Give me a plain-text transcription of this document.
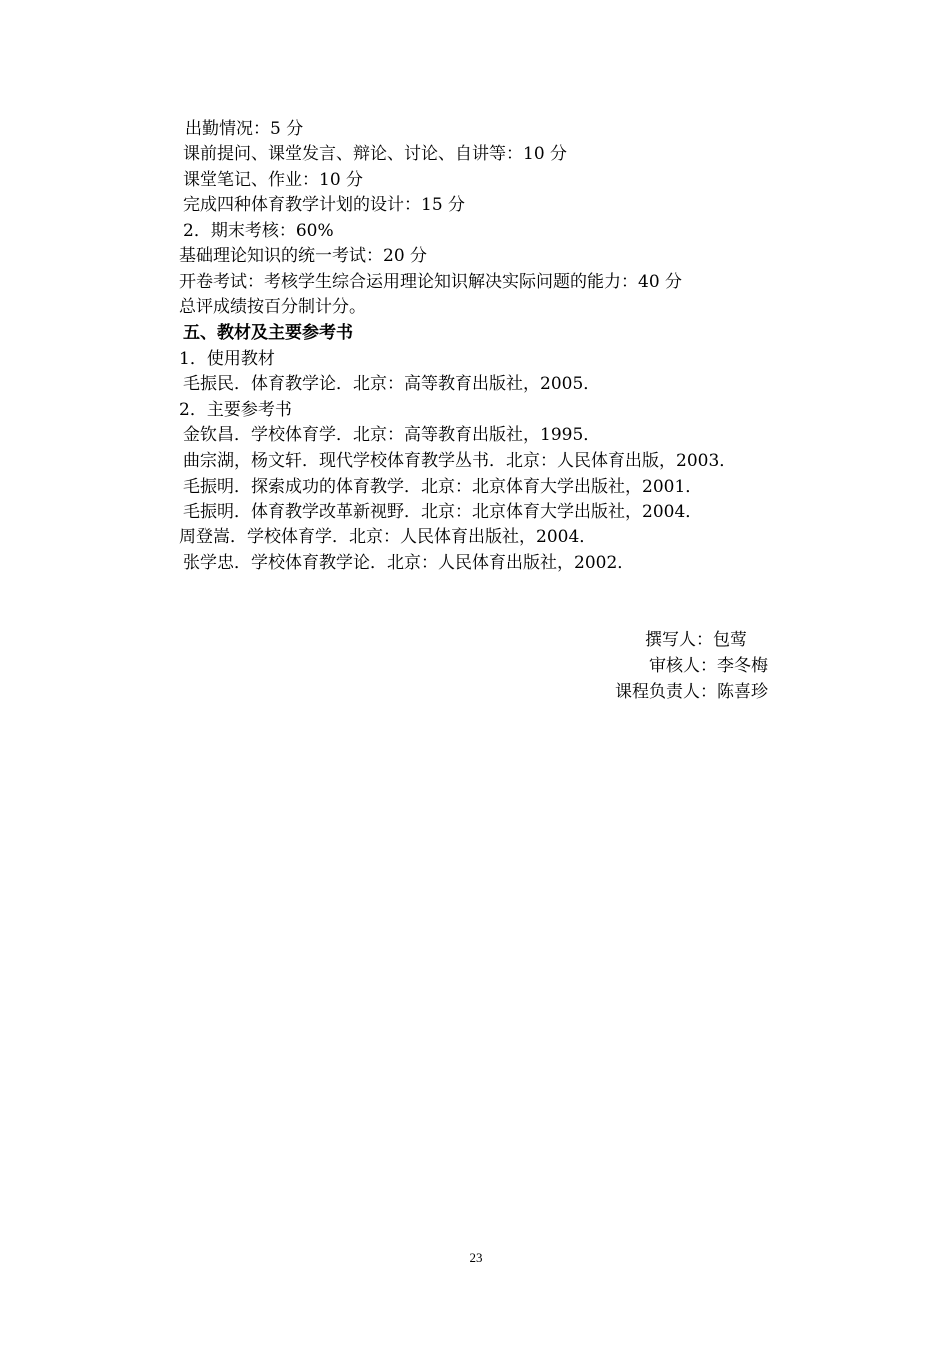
出勤情况：5 分
课前提问、课堂发言、辩论、讨论、自讲等：10 分
课堂笔记、作业：10 分
完成四种体育教学计划的设计：15 分
2．期末考核：60%
基础理论知识的统一考试：20 分
开卷考试：考核学生综合运用理论知识解决实际问题的能力：40 分
总评成绩按百分制计分。
五、教材及主要参考书
1．使用教材
毛振民．体育教学论．北京：高等教育出版社，2005．
2．主要参考书
金钦昌．学校体育学．北京：高等教育出版社，1995．
曲宗湖，杨文轩．现代学校体育教学丛书．北京：人民体育出版，2003．
毛振明．探索成功的体育教学．北京：北京体育大学出版社，2001．
毛振明．体育教学改革新视野．北京：北京体育大学出版社，2004．
周登嵩．学校体育学．北京：人民体育出版社，2004．
张学忠．学校体育教学论．北京：人民体育出版社，2002．
撰写人：包莺
审核人：李冬梅
课程负责人：陈喜珍
23
